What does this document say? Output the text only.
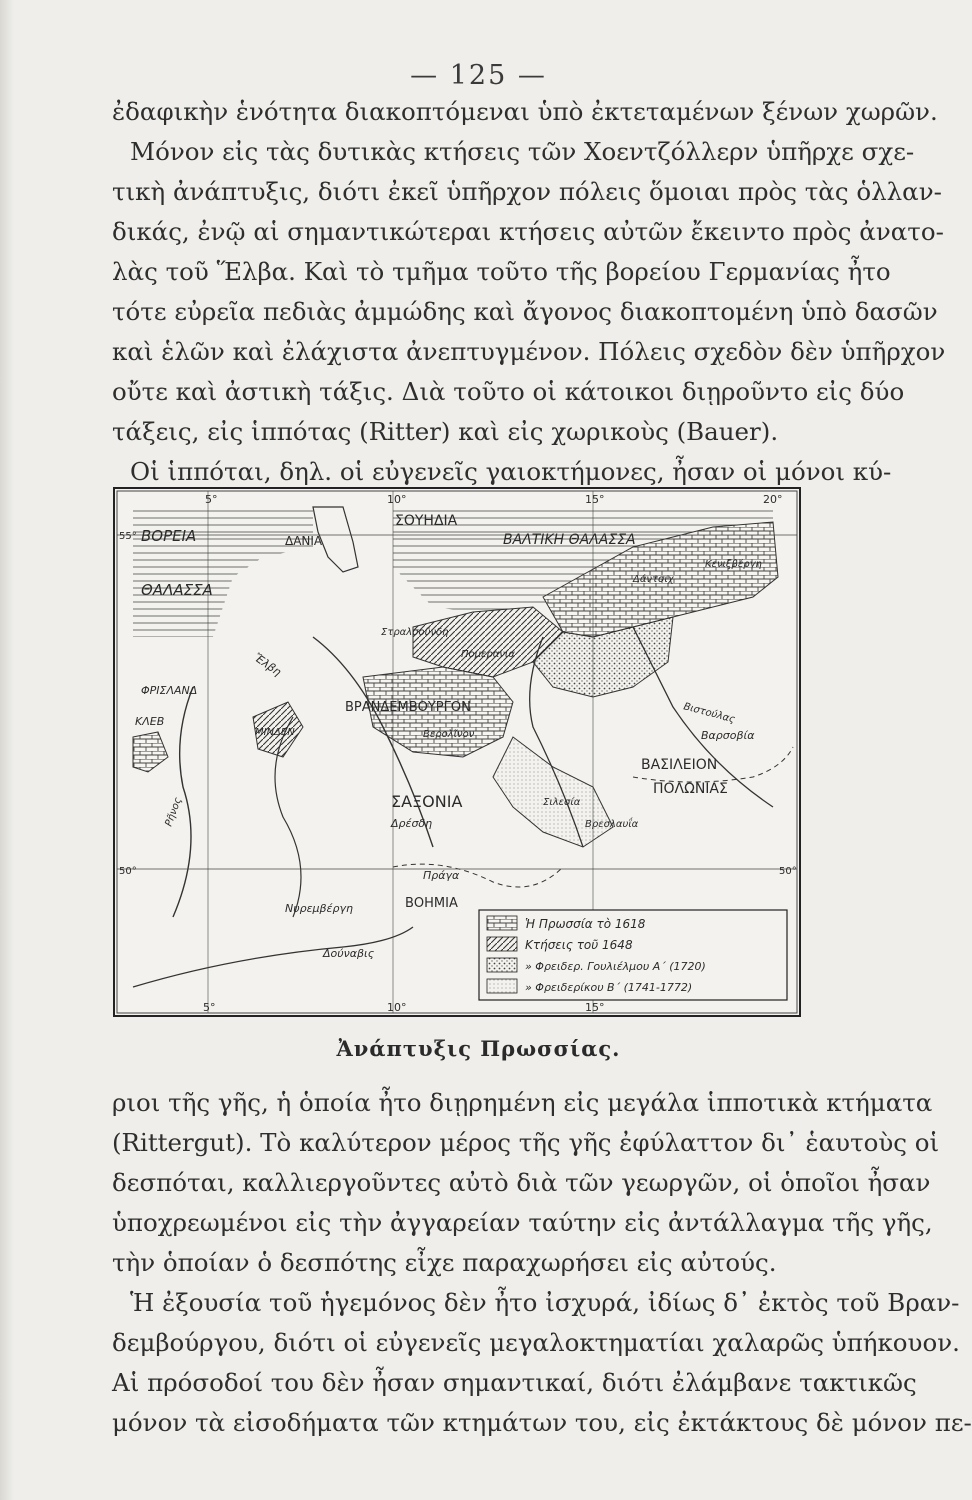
— 125 —
ἐδαφικὴν ἑνότητα διακοπτόμεναι ὑπὸ ἐκτεταμένων ξένων χωρῶν.
Μόνον εἰς τὰς δυτικὰς κτήσεις τῶν Χοεντζόλλερν ὑπῆρχε σχε-
τικὴ ἀνάπτυξις, διότι ἐκεῖ ὑπῆρχον πόλεις ὅμοιαι πρὸς τὰς ὁλλαν-
δικάς, ἐνῷ αἱ σημαντικώτεραι κτήσεις αὐτῶν ἔκειντο πρὸς ἀνατο-
λὰς τοῦ Ἕλβα. Καὶ τὸ τμῆμα τοῦτο τῆς βορείου Γερμανίας ἦτο
τότε εὐρεῖα πεδιὰς ἀμμώδης καὶ ἄγονος διακοπτομένη ὑπὸ δασῶν
καὶ ἑλῶν καὶ ἐλάχιστα ἀνεπτυγμένον. Πόλεις σχεδὸν δὲν ὑπῆρχον
οὔτε καὶ ἀστικὴ τάξις. Διὰ τοῦτο οἱ κάτοικοι διῃροῦντο εἰς δύο
τάξεις, εἰς ἱππότας (Ritter) καὶ εἰς χωρικοὺς (Bauer).
Οἱ ἱππόται, δηλ. οἱ εὐγενεῖς γαιοκτήμονες, ἦσαν οἱ μόνοι κύ-
5°	10°	15°	20°
5°	10°	15°
55°
50°	50°
ΒΟΡΕΙΑ
ΘΑΛΑΣΣΑ
ΣΟΥΗΔΙΑ
ΒΑΛΤΙΚΗ ΘΑΛΑΣΣΑ
ΔΑΝΙΑ
ΦΡΙΣΛΑΝΔ
ΚΛΕΒ
ΜΙΝΔΕΝ
ΒΡΑΝΔΕΜΒΟΥΡΓΟΝ
ΣΑΞΟΝΙΑ
ΒΟΗΜΙΑ
ΒΑΣΙΛΕΙΟΝ
ΠΟΛΩΝΙΑΣ
Ἔλβη
Στραλσοῦνδη
Πομερανία
Δρέσδη
Πράγα
Νυρεμβέργη
Δούναβις
Ρῆνος
Βαρσοβία
Βιστούλας
Κενιξβέργη
Δάντσιχ
Βερολῖνον
Βρεσλαυΐα
Σιλεσία
Ἡ Πρωσσία τὸ 1618
Κτήσεις τοῦ 1648
» Φρειδερ. Γουλιέλμου Α΄ (1720)
» Φρειδερίκου Β΄ (1741-1772)
Ἀνάπτυξις Πρωσσίας.
ριοι τῆς γῆς, ἡ ὁποία ἦτο διῃρημένη εἰς μεγάλα ἱπποτικὰ κτήματα
(Rittergut). Τὸ καλύτερον μέρος τῆς γῆς ἐφύλαττον δι᾿ ἑαυτοὺς οἱ
δεσπόται, καλλιεργοῦντες αὐτὸ διὰ τῶν γεωργῶν, οἱ ὁποῖοι ἦσαν
ὑποχρεωμένοι εἰς τὴν ἀγγαρείαν ταύτην εἰς ἀντάλλαγμα τῆς γῆς,
τὴν ὁποίαν ὁ δεσπότης εἶχε παραχωρήσει εἰς αὐτούς.
Ἡ ἐξουσία τοῦ ἡγεμόνος δὲν ἦτο ἰσχυρά, ἰδίως δ᾿ ἐκτὸς τοῦ Βραν-
δεμβούργου, διότι οἱ εὐγενεῖς μεγαλοκτηματίαι χαλαρῶς ὑπήκουον.
Αἱ πρόσοδοί του δὲν ἦσαν σημαντικαί, διότι ἐλάμβανε τακτικῶς
μόνον τὰ εἰσοδήματα τῶν κτημάτων του, εἰς ἐκτάκτους δὲ μόνον πε-
